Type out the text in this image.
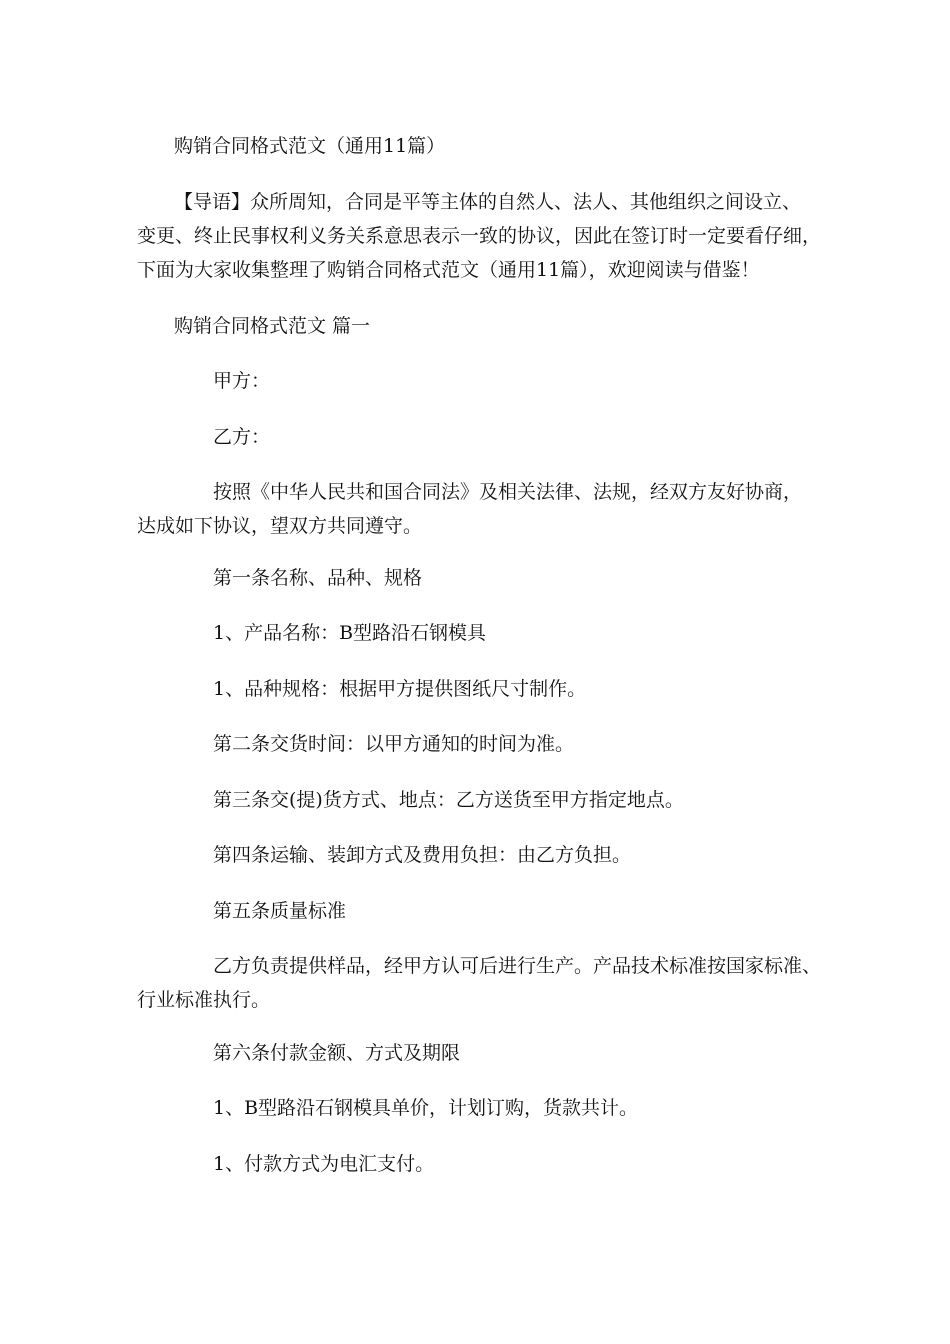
购销合同格式范文（通用11篇）
【导语】众所周知，合同是平等主体的自然人、法人、其他组织之间设立、
变更、终止民事权利义务关系意思表示一致的协议，因此在签订时一定要看仔细，
下面为大家收集整理了购销合同格式范文（通用11篇），欢迎阅读与借鉴！
购销合同格式范文 篇一
甲方：
乙方：
按照《中华人民共和国合同法》及相关法律、法规，经双方友好协商，
达成如下协议，望双方共同遵守。
第一条名称、品种、规格
1、产品名称：B型路沿石钢模具
1、品种规格：根据甲方提供图纸尺寸制作。
第二条交货时间：以甲方通知的时间为准。
第三条交(提)货方式、地点：乙方送货至甲方指定地点。
第四条运输、装卸方式及费用负担：由乙方负担。
第五条质量标准
乙方负责提供样品，经甲方认可后进行生产。产品技术标准按国家标准、
行业标准执行。
第六条付款金额、方式及期限
1、B型路沿石钢模具单价，计划订购，货款共计。
1、付款方式为电汇支付。
